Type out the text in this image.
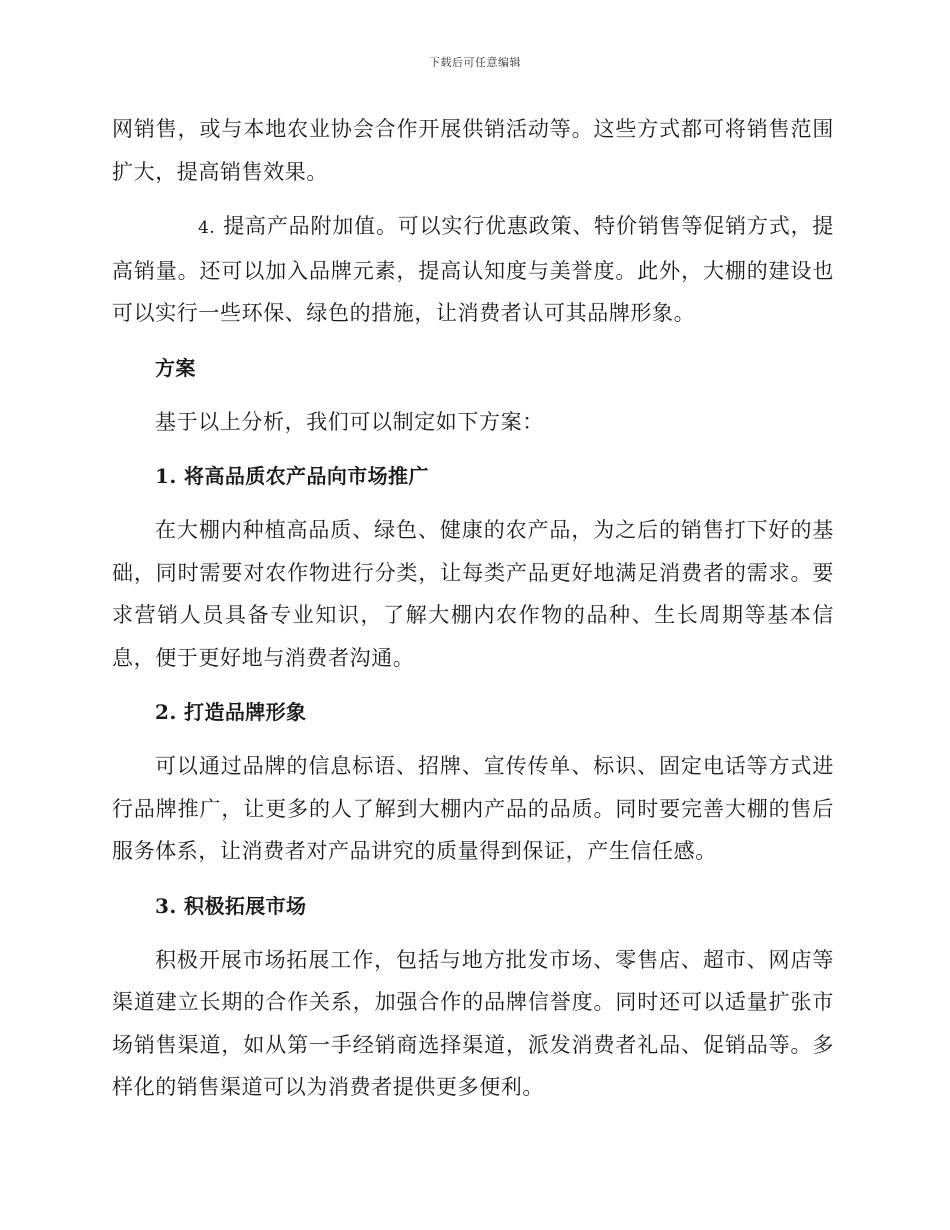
下载后可任意编辑

网销售，或与本地农业协会合作开展供销活动等。这些方式都可将销售范围扩大，提高销售效果。

4. 提高产品附加值。可以实行优惠政策、特价销售等促销方式，提高销量。还可以加入品牌元素，提高认知度与美誉度。此外，大棚的建设也可以实行一些环保、绿色的措施，让消费者认可其品牌形象。

方案

基于以上分析，我们可以制定如下方案：

1. 将高品质农产品向市场推广

在大棚内种植高品质、绿色、健康的农产品，为之后的销售打下好的基础，同时需要对农作物进行分类，让每类产品更好地满足消费者的需求。要求营销人员具备专业知识，了解大棚内农作物的品种、生长周期等基本信息，便于更好地与消费者沟通。

2. 打造品牌形象

可以通过品牌的信息标语、招牌、宣传传单、标识、固定电话等方式进行品牌推广，让更多的人了解到大棚内产品的品质。同时要完善大棚的售后服务体系，让消费者对产品讲究的质量得到保证，产生信任感。

3. 积极拓展市场

积极开展市场拓展工作，包括与地方批发市场、零售店、超市、网店等渠道建立长期的合作关系，加强合作的品牌信誉度。同时还可以适量扩张市场销售渠道，如从第一手经销商选择渠道，派发消费者礼品、促销品等。多样化的销售渠道可以为消费者提供更多便利。
